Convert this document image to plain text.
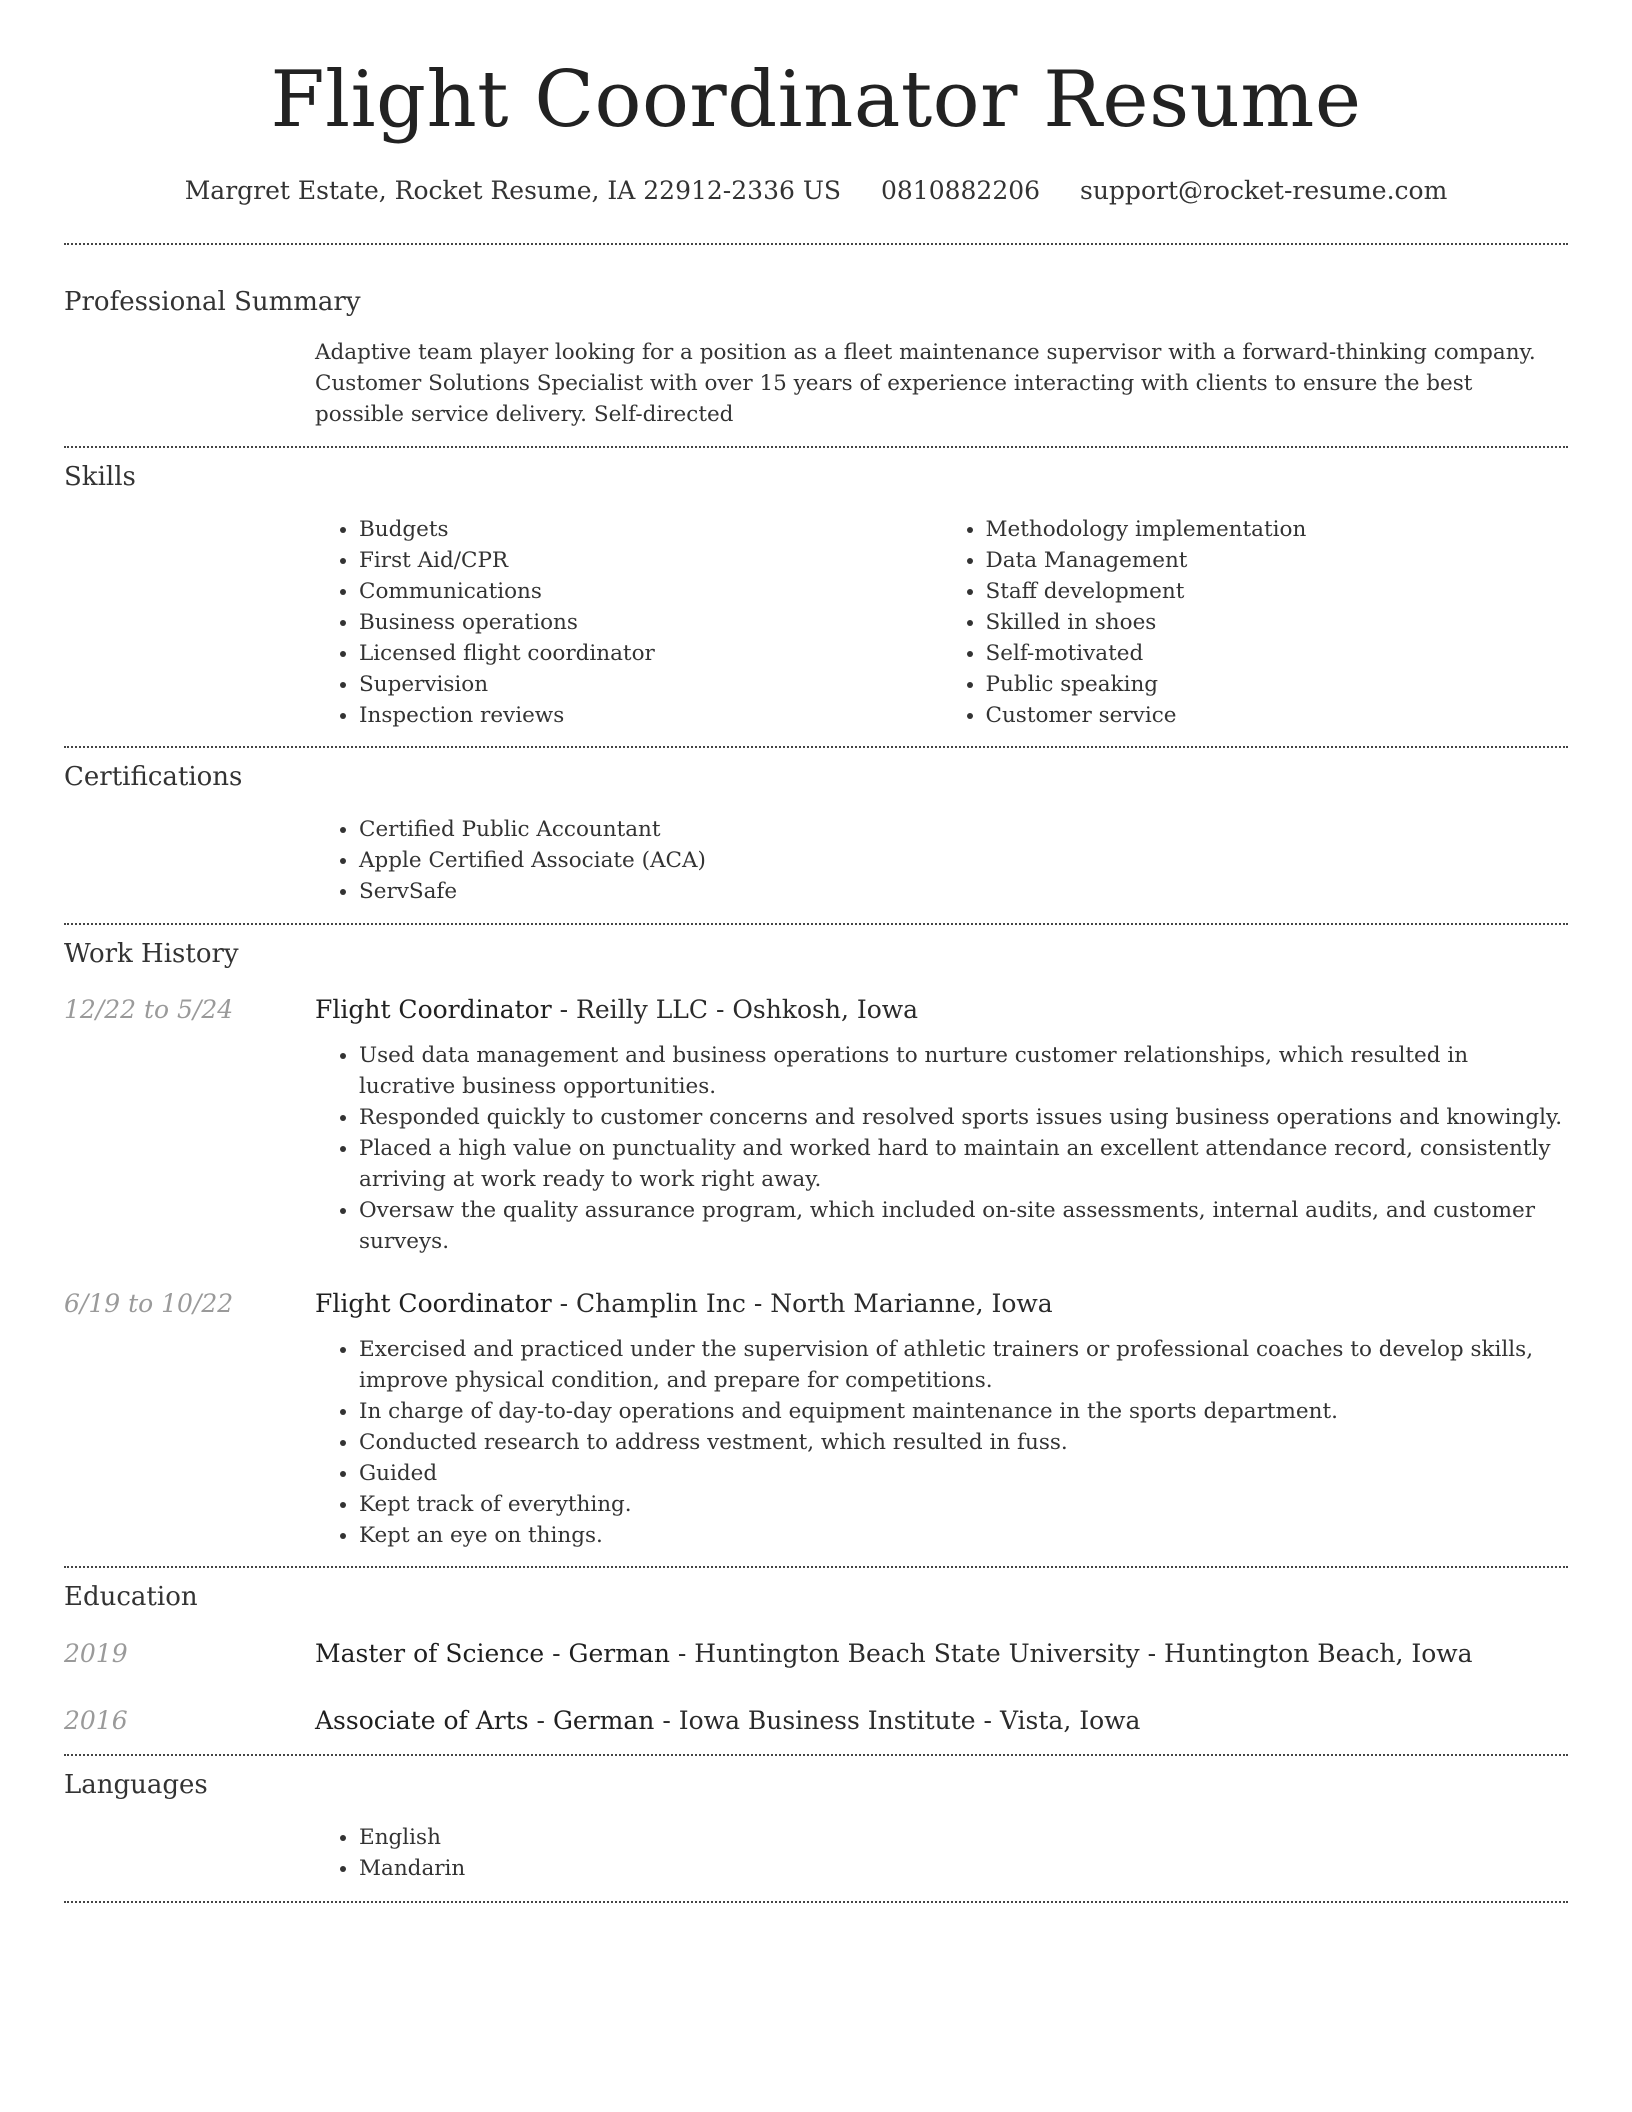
Flight Coordinator Resume
Margret Estate, Rocket Resume, IA 22912-2336 US 0810882206 support@rocket-resume.com
Professional Summary
Adaptive team player looking for a position as a fleet maintenance supervisor with a forward-thinking company. Customer Solutions Specialist with over 15 years of experience interacting with clients to ensure the best possible service delivery. Self-directed
Skills
• Budgets
• First Aid/CPR
• Communications
• Business operations
• Licensed flight coordinator
• Supervision
• Inspection reviews
• Methodology implementation
• Data Management
• Staff development
• Skilled in shoes
• Self-motivated
• Public speaking
• Customer service
Certifications
• Certified Public Accountant
• Apple Certified Associate (ACA)
• ServSafe
Work History
12/22 to 5/24	Flight Coordinator - Reilly LLC - Oshkosh, Iowa
• Used data management and business operations to nurture customer relationships, which resulted in lucrative business opportunities.
• Responded quickly to customer concerns and resolved sports issues using business operations and knowingly.
• Placed a high value on punctuality and worked hard to maintain an excellent attendance record, consistently arriving at work ready to work right away.
• Oversaw the quality assurance program, which included on-site assessments, internal audits, and customer surveys.
6/19 to 10/22	Flight Coordinator - Champlin Inc - North Marianne, Iowa
• Exercised and practiced under the supervision of athletic trainers or professional coaches to develop skills, improve physical condition, and prepare for competitions.
• In charge of day-to-day operations and equipment maintenance in the sports department.
• Conducted research to address vestment, which resulted in fuss.
• Guided
• Kept track of everything.
• Kept an eye on things.
Education
2019	Master of Science - German - Huntington Beach State University - Huntington Beach, Iowa
2016	Associate of Arts - German - Iowa Business Institute - Vista, Iowa
Languages
• English
• Mandarin
